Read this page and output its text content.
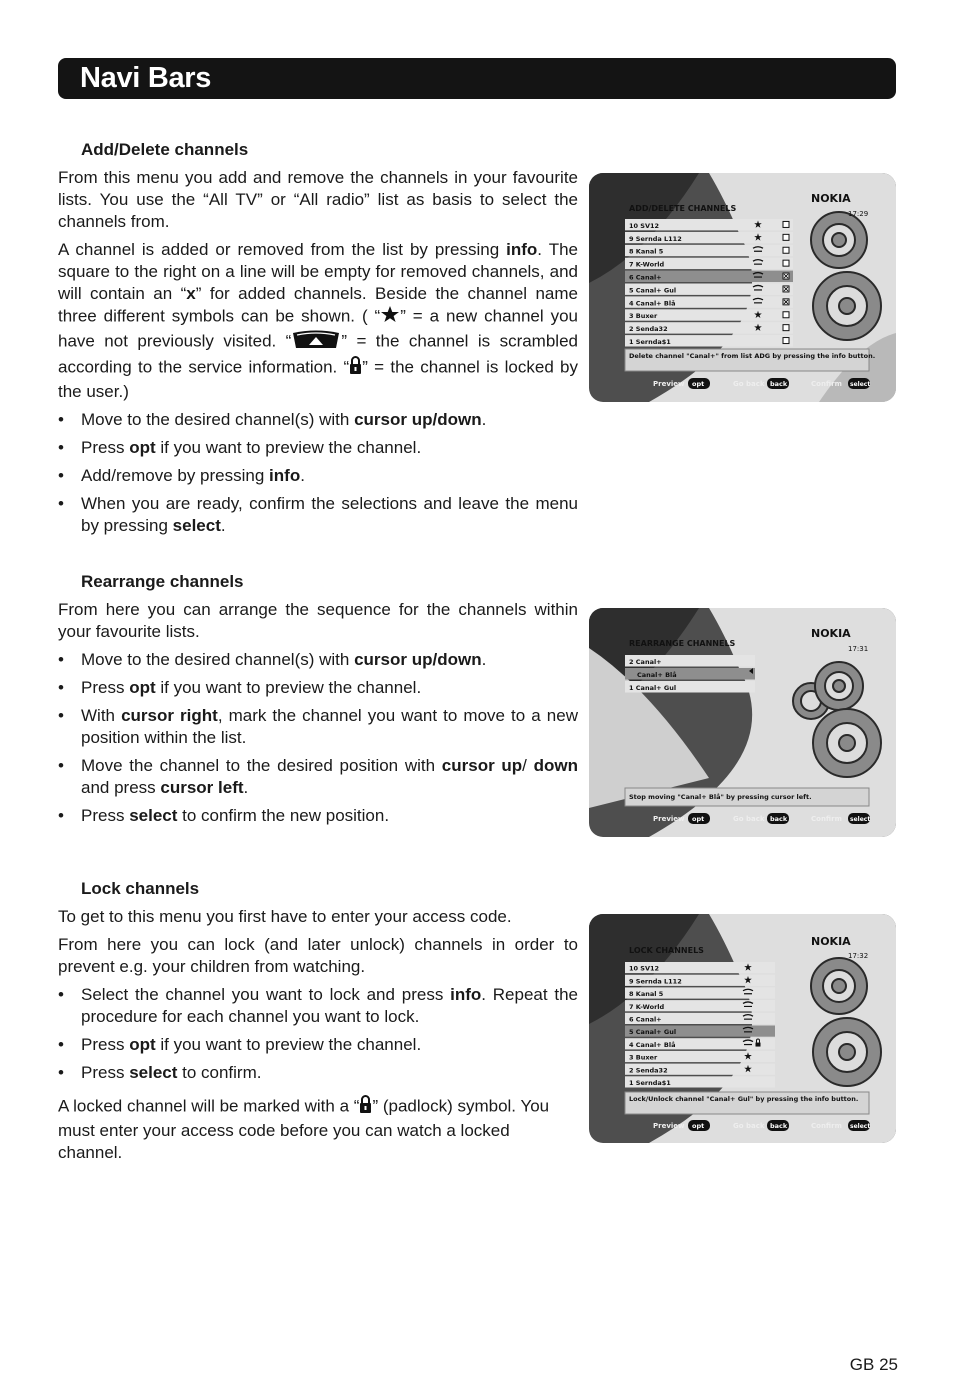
Navi Bars
Add/Delete channels

From this menu you add and remove the channels in your favourite lists. You use the “All TV” or “All radio” list as basis to select the channels from.

A channel is added or removed from the list by pressing info. The square to the right on a line will be empty for removed channels, and will contain an “x” for added channels. Beside the channel name three different symbols can be shown. ( “ ” = a new channel you have not previously visited. “	” = the channel is scrambled according to the service information. “ ” = the channel is locked by the user.)

• Move to the desired channel(s) with cursor up/down.
• Press opt if you want to preview the channel.
• Add/remove by pressing info.
• When you are ready, confirm the selections and leave the menu by pressing select.
Rearrange channels

From here you can arrange the sequence for the channels within your favourite lists.

• Move to the desired channel(s) with cursor up/down.
• Press opt if you want to preview the channel.
• With cursor right, mark the channel you want to move to a new position within the list.
• Move the channel to the desired position with cursor up/ down and press cursor left.
• Press select to confirm the new position.
Lock channels

To get to this menu you first have to enter your access code.

From here you can lock (and later unlock) channels in order to prevent e.g. your children from watching.

• Select the channel you want to lock and press info. Repeat the procedure for each channel you want to lock.
• Press opt if you want to preview the channel.
• Press select to confirm.

A locked channel will be marked with a “ ” (padlock) symbol. You must enter your access code before you can watch a locked channel.

ADD/DELETE CHANNELS
NOKIA
17:29
10 SV12
9 Sernda L112
8 Kanal 5
7 K-World
6 Canal+
5 Canal+ Gul
4 Canal+ Blå
3 Buxer
2 Senda32
1 Sernda$1
Delete channel "Canal+" from list ADG by pressing the info button.
Preview opt	Go back back	Confirm select
REARRANGE CHANNELS
NOKIA
17:31
2 Canal+
Canal+ Blå
1 Canal+ Gul
Stop moving "Canal+ Blå" by pressing cursor left.
Preview opt	Go back back	Confirm select
LOCK CHANNELS
NOKIA
17:32
10 SV12
9 Sernda L112
8 Kanal 5
7 K-World
6 Canal+
5 Canal+ Gul
4 Canal+ Blå
3 Buxer
2 Senda32
1 Sernda$1
Lock/Unlock channel "Canal+ Gul" by pressing the info button.
Preview opt	Go back back	Confirm select
GB 25
